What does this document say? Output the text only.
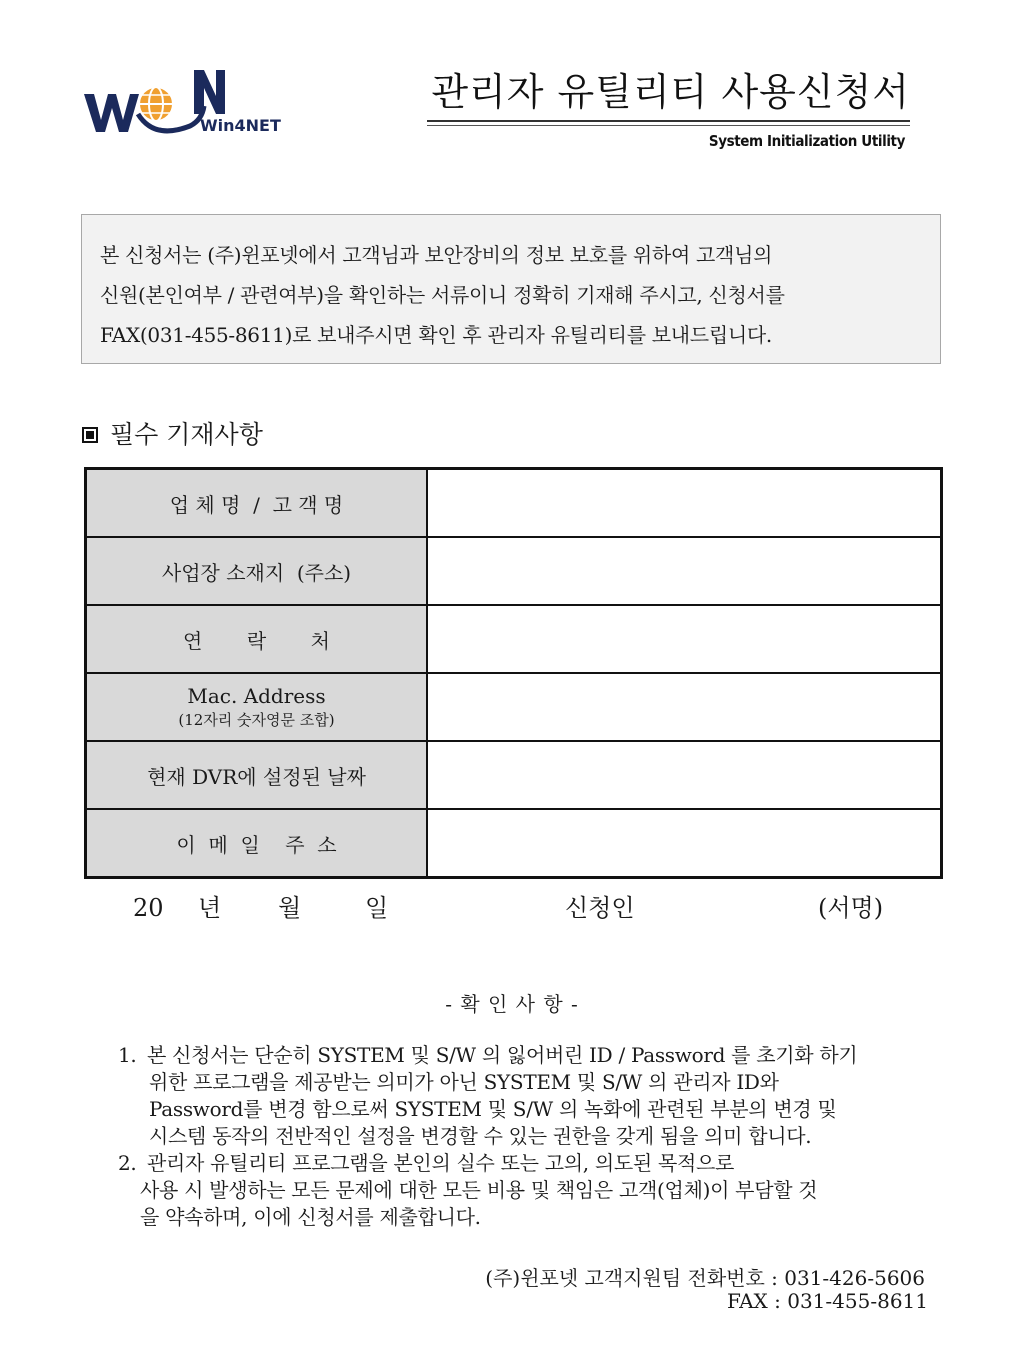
Win4NET
관리자 유틸리티 사용신청서
System Initialization Utility

본 신청서는 (주)윈포넷에서 고객님과 보안장비의 정보 보호를 위하여 고객님의

신원(본인여부 / 관련여부)을 확인하는 서류이니 정확히 기재해 주시고, 신청서를

FAX(031-455-8611)로 보내주시면 확인 후 관리자 유틸리티를 보내드립니다.

필수 기재사항
업 체 명  /  고 객 명	
사업장 소재지  (주소)	
연       락       처	

Mac. Address
(12자리 숫자영문 조합)	

현재 DVR에 설정된 날짜	
이  메  일    주  소	
20 년 월	일	신청인	(서명)
- 확 인 사 항 -
1. 본 신청서는 단순히 SYSTEM 및 S/W 의 잃어버린 ID / Password 를 초기화 하기
위한 프로그램을 제공받는 의미가 아닌 SYSTEM 및 S/W 의 관리자 ID와
Password를 변경 함으로써 SYSTEM 및 S/W 의 녹화에 관련된 부분의 변경 및
시스템 동작의 전반적인 설정을 변경할 수 있는 권한을 갖게 됨을 의미 합니다.
2. 관리자 유틸리티 프로그램을 본인의 실수 또는 고의, 의도된 목적으로
사용 시 발생하는 모든 문제에 대한 모든 비용 및 책임은 고객(업체)이 부담할 것
을 약속하며, 이에 신청서를 제출합니다.
(주)윈포넷 고객지원팀 전화번호 : 031-426-5606
FAX : 031-455-8611
